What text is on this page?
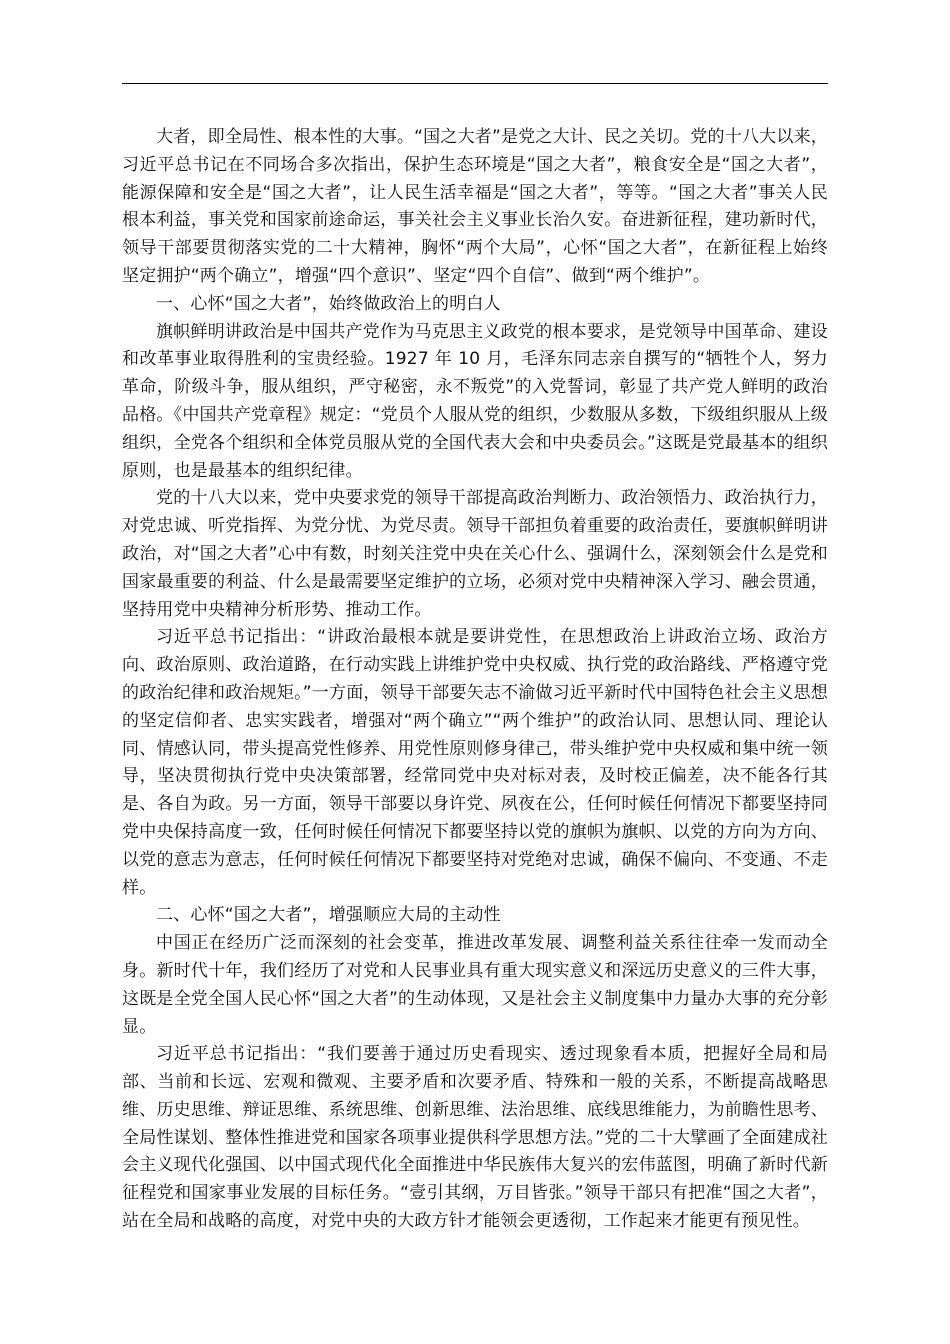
大者，即全局性、根本性的大事。“国之大者”是党之大计、民之关切。党的十八大以来，习近平总书记在不同场合多次指出，保护生态环境是“国之大者”，粮食安全是“国之大者”，能源保障和安全是“国之大者”，让人民生活幸福是“国之大者”，等等。“国之大者”事关人民根本利益，事关党和国家前途命运，事关社会主义事业长治久安。奋进新征程，建功新时代，领导干部要贯彻落实党的二十大精神，胸怀“两个大局”，心怀“国之大者”，在新征程上始终坚定拥护“两个确立”，增强“四个意识”、坚定“四个自信”、做到“两个维护”。

一、心怀“国之大者”，始终做政治上的明白人

旗帜鲜明讲政治是中国共产党作为马克思主义政党的根本要求，是党领导中国革命、建设和改革事业取得胜利的宝贵经验。1927 年 10 月，毛泽东同志亲自撰写的“牺牲个人，努力革命，阶级斗争，服从组织，严守秘密，永不叛党”的入党誓词，彰显了共产党人鲜明的政治品格。《中国共产党章程》规定：“党员个人服从党的组织，少数服从多数，下级组织服从上级组织，全党各个组织和全体党员服从党的全国代表大会和中央委员会。”这既是党最基本的组织原则，也是最基本的组织纪律。

党的十八大以来，党中央要求党的领导干部提高政治判断力、政治领悟力、政治执行力，对党忠诚、听党指挥、为党分忧、为党尽责。领导干部担负着重要的政治责任，要旗帜鲜明讲政治，对“国之大者”心中有数，时刻关注党中央在关心什么、强调什么，深刻领会什么是党和国家最重要的利益、什么是最需要坚定维护的立场，必须对党中央精神深入学习、融会贯通，坚持用党中央精神分析形势、推动工作。

习近平总书记指出：“讲政治最根本就是要讲党性，在思想政治上讲政治立场、政治方向、政治原则、政治道路，在行动实践上讲维护党中央权威、执行党的政治路线、严格遵守党的政治纪律和政治规矩。”一方面，领导干部要矢志不渝做习近平新时代中国特色社会主义思想的坚定信仰者、忠实实践者，增强对“两个确立”“两个维护”的政治认同、思想认同、理论认同、情感认同，带头提高党性修养、用党性原则修身律己，带头维护党中央权威和集中统一领导，坚决贯彻执行党中央决策部署，经常同党中央对标对表，及时校正偏差，决不能各行其是、各自为政。另一方面，领导干部要以身许党、夙夜在公，任何时候任何情况下都要坚持同党中央保持高度一致，任何时候任何情况下都要坚持以党的旗帜为旗帜、以党的方向为方向、以党的意志为意志，任何时候任何情况下都要坚持对党绝对忠诚，确保不偏向、不变通、不走样。

二、心怀“国之大者”，增强顺应大局的主动性

中国正在经历广泛而深刻的社会变革，推进改革发展、调整利益关系往往牵一发而动全身。新时代十年，我们经历了对党和人民事业具有重大现实意义和深远历史意义的三件大事，这既是全党全国人民心怀“国之大者”的生动体现，又是社会主义制度集中力量办大事的充分彰显。

习近平总书记指出：“我们要善于通过历史看现实、透过现象看本质，把握好全局和局部、当前和长远、宏观和微观、主要矛盾和次要矛盾、特殊和一般的关系，不断提高战略思维、历史思维、辩证思维、系统思维、创新思维、法治思维、底线思维能力，为前瞻性思考、全局性谋划、整体性推进党和国家各项事业提供科学思想方法。”党的二十大擘画了全面建成社会主义现代化强国、以中国式现代化全面推进中华民族伟大复兴的宏伟蓝图，明确了新时代新征程党和国家事业发展的目标任务。“壹引其纲，万目皆张。”领导干部只有把准“国之大者”，站在全局和战略的高度，对党中央的大政方针才能领会更透彻，工作起来才能更有预见性。
